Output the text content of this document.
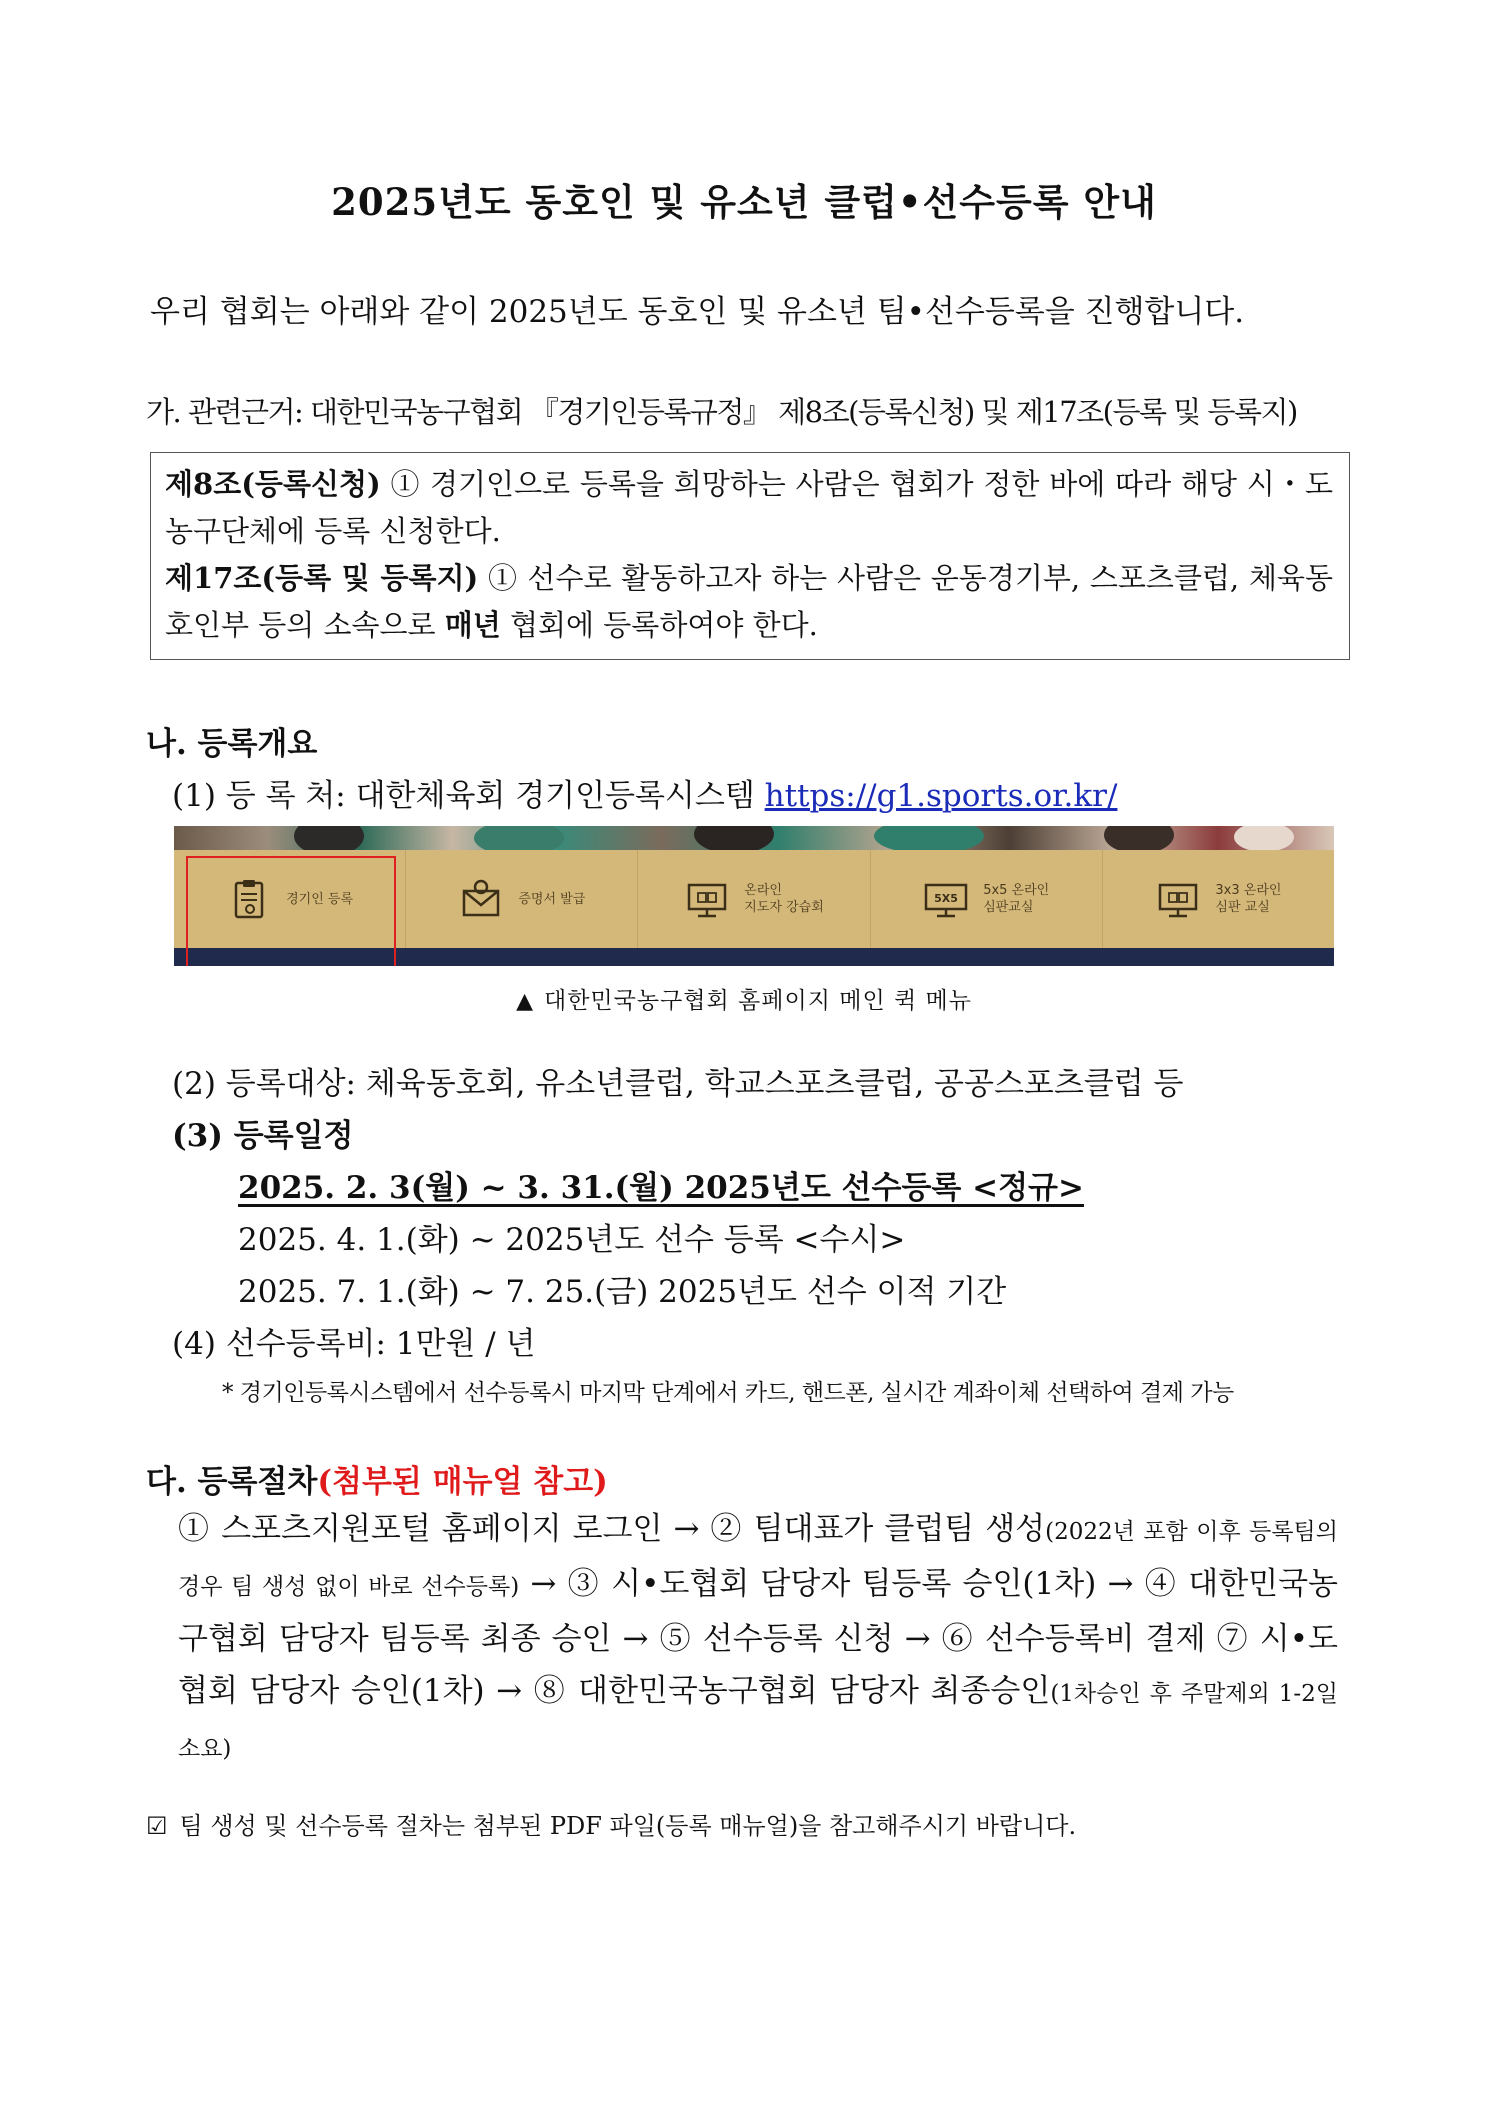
2025년도 동호인 및 유소년 클럽•선수등록 안내
우리 협회는 아래와 같이 2025년도 동호인 및 유소년 팀•선수등록을 진행합니다.
가. 관련근거: 대한민국농구협회 『경기인등록규정』 제8조(등록신청) 및 제17조(등록 및 등록지)

제8조(등록신청) ① 경기인으로 등록을 희망하는 사람은 협회가 정한 바에 따라 해당 시・도농구단체에 등록 신청한다.

제17조(등록 및 등록지) ① 선수로 활동하고자 하는 사람은 운동경기부, 스포츠클럽, 체육동호인부 등의 소속으로 매년 협회에 등록하여야 한다.

나. 등록개요
(1) 등 록 처: 대한체육회 경기인등록시스템 https://g1.sports.or.kr/
경기인 등록	증명서 발급
온라인
지도자 강습회
5X5
5x5 온라인
심판교실
3x3 온라인
심판 교실
▲ 대한민국농구협회 홈페이지 메인 퀵 메뉴
(2) 등록대상: 체육동호회, 유소년클럽, 학교스포츠클럽, 공공스포츠클럽 등
(3) 등록일정
2025. 2. 3(월) ~ 3. 31.(월) 2025년도 선수등록 <정규>
2025. 4. 1.(화) ~ 2025년도 선수 등록 <수시>
2025. 7. 1.(화) ~ 7. 25.(금) 2025년도 선수 이적 기간
(4) 선수등록비: 1만원 / 년
* 경기인등록시스템에서 선수등록시 마지막 단계에서 카드, 핸드폰, 실시간 계좌이체 선택하여 결제 가능
다. 등록절차(첨부된 매뉴얼 참고)
① 스포츠지원포털 홈페이지 로그인 → ② 팀대표가 클럽팀 생성(2022년 포함 이후 등록팀의 경우 팀 생성 없이 바로 선수등록) → ③ 시•도협회 담당자 팀등록 승인(1차) → ④ 대한민국농구협회 담당자 팀등록 최종 승인 → ⑤ 선수등록 신청 → ⑥ 선수등록비 결제 ⑦ 시•도협회 담당자 승인(1차) → ⑧ 대한민국농구협회 담당자 최종승인(1차승인 후 주말제외 1-2일 소요)
☑ 팀 생성 및 선수등록 절차는 첨부된 PDF 파일(등록 매뉴얼)을 참고해주시기 바랍니다.
